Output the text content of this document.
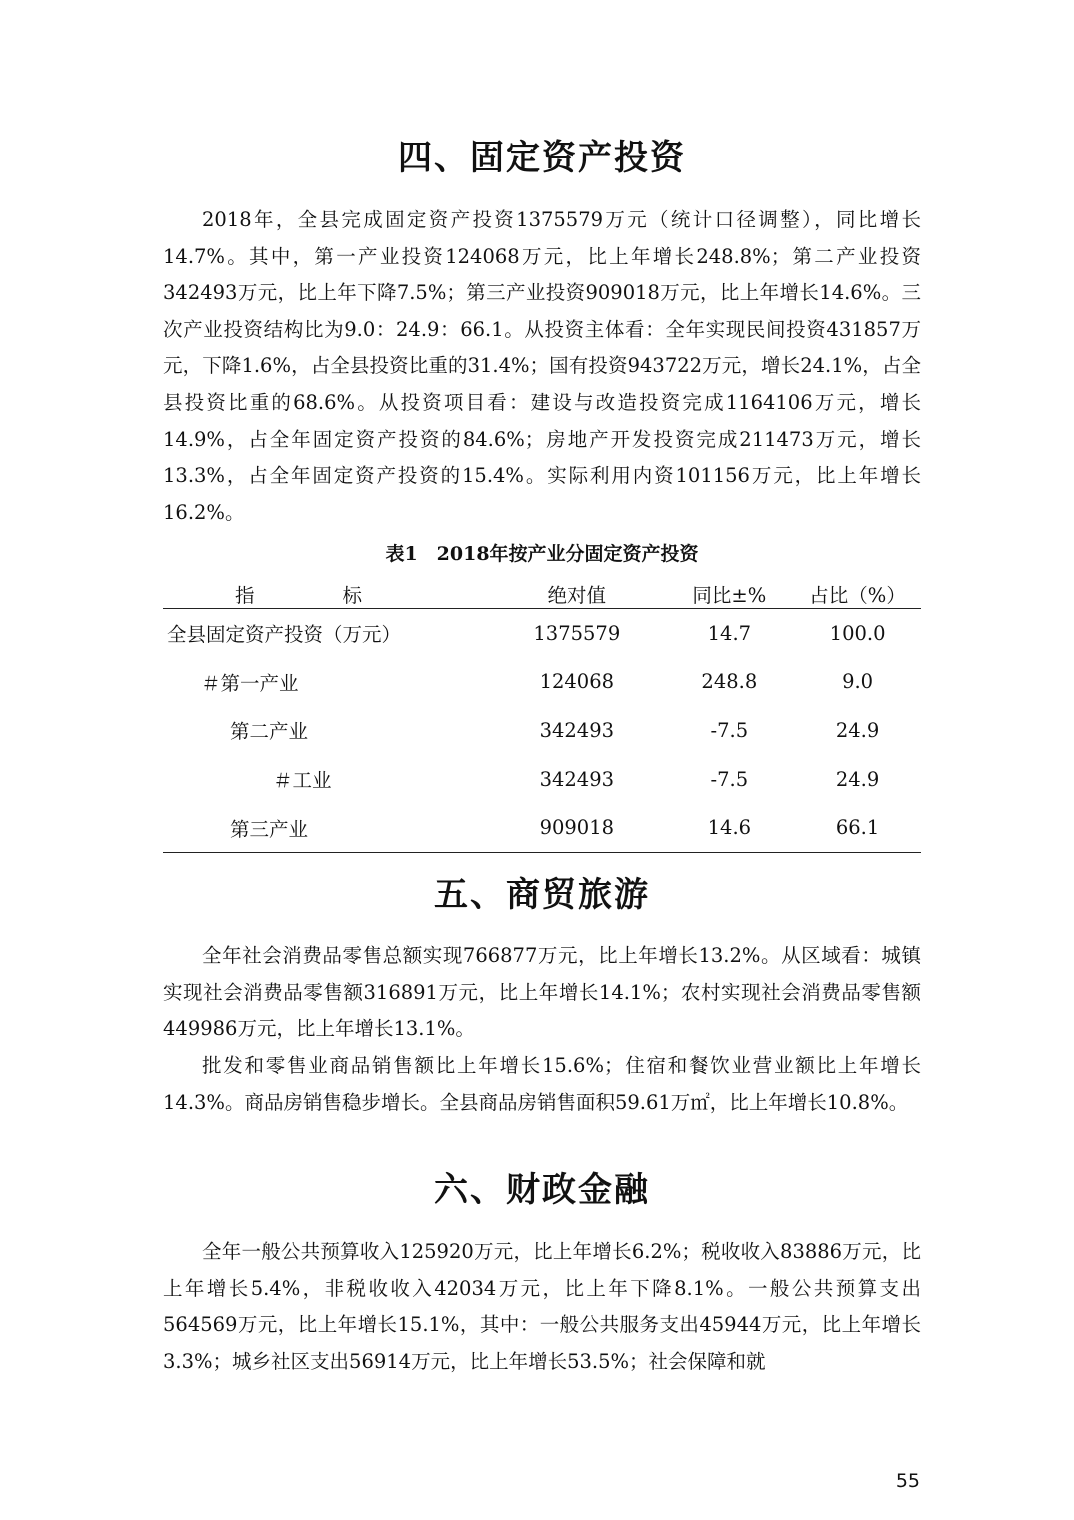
四、固定资产投资

2018年，全县完成固定资产投资1375579万元（统计口径调整），同比增长14.7%。其中，第一产业投资124068万元，比上年增长248.8%；第二产业投资342493万元，比上年下降7.5%；第三产业投资909018万元，比上年增长14.6%。三次产业投资结构比为9.0：24.9：66.1。从投资主体看：全年实现民间投资431857万元，下降1.6%，占全县投资比重的31.4%；国有投资943722万元，增长24.1%，占全县投资比重的68.6%。从投资项目看：建设与改造投资完成1164106万元，增长14.9%，占全年固定资产投资的84.6%；房地产开发投资完成211473万元，增长13.3%，占全年固定资产投资的15.4%。实际利用内资101156万元，比上年增长16.2%。

表1　2018年按产业分固定资产投资
指 标	绝对值	同比±%	占比（%）
全县固定资产投资（万元）	1375579	14.7	100.0
＃第一产业	124068	248.8	9.0
第二产业	342493	-7.5	24.9
＃工业	342493	-7.5	24.9
第三产业	909018	14.6	66.1
五、商贸旅游

全年社会消费品零售总额实现766877万元，比上年增长13.2%。从区域看：城镇实现社会消费品零售额316891万元，比上年增长14.1%；农村实现社会消费品零售额449986万元，比上年增长13.1%。

批发和零售业商品销售额比上年增长15.6%；住宿和餐饮业营业额比上年增长14.3%。商品房销售稳步增长。全县商品房销售面积59.61万㎡，比上年增长10.8%。

六、财政金融

全年一般公共预算收入125920万元，比上年增长6.2%；税收收入83886万元，比上年增长5.4%，非税收收入42034万元，比上年下降8.1%。一般公共预算支出564569万元，比上年增长15.1%，其中：一般公共服务支出45944万元，比上年增长3.3%；城乡社区支出56914万元，比上年增长53.5%；社会保障和就

55
